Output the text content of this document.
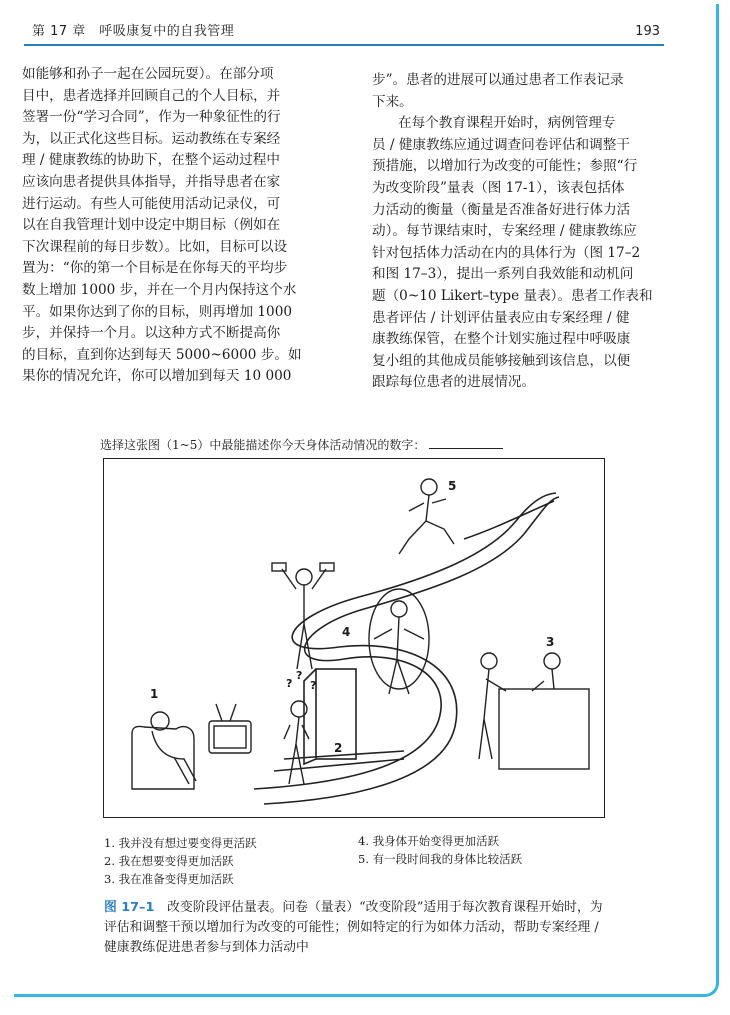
第 17 章　呼吸康复中的自我管理	193

如能够和孙子一起在公园玩耍）。在部分项

目中，患者选择并回顾自己的个人目标，并

签署一份“学习合同”，作为一种象征性的行

为，以正式化这些目标。运动教练在专案经

理 / 健康教练的协助下，在整个运动过程中

应该向患者提供具体指导，并指导患者在家

进行运动。有些人可能使用活动记录仪，可

以在自我管理计划中设定中期目标（例如在

下次课程前的每日步数）。比如，目标可以设

置为：“你的第一个目标是在你每天的平均步

数上增加 1000 步，并在一个月内保持这个水

平。如果你达到了你的目标，则再增加 1000

步，并保持一个月。以这种方式不断提高你

的目标，直到你达到每天 5000~6000 步。如

果你的情况允许，你可以增加到每天 10 000

步”。患者的进展可以通过患者工作表记录

下来。

在每个教育课程开始时，病例管理专

员 / 健康教练应通过调查问卷评估和调整干

预措施，以增加行为改变的可能性；参照“行

为改变阶段”量表（图 17-1），该表包括体

力活动的衡量（衡量是否准备好进行体力活

动）。每节课结束时，专案经理 / 健康教练应

针对包括体力活动在内的具体行为（图 17–2

和图 17–3），提出一系列自我效能和动机问

题（0~10 Likert–type 量表）。患者工作表和

患者评估 / 计划评估量表应由专案经理 / 健

康教练保管，在整个计划实施过程中呼吸康

复小组的其他成员能够接触到该信息，以便

跟踪每位患者的进展情况。

选择这张图（1~5）中最能描述你今天身体活动情况的数字：
1
2
3
4
5
?
?
?
1. 我并没有想过要变得更活跃
2. 我在想要变得更加活跃
3. 我在准备变得更加活跃
4. 我身体开始变得更加活跃
5. 有一段时间我的身体比较活跃

图 17–1　 改变阶段评估量表。问卷（量表）“改变阶段”适用于每次教育课程开始时，为

评估和调整干预以增加行为改变的可能性；例如特定的行为如体力活动，帮助专案经理 /

健康教练促进患者参与到体力活动中
